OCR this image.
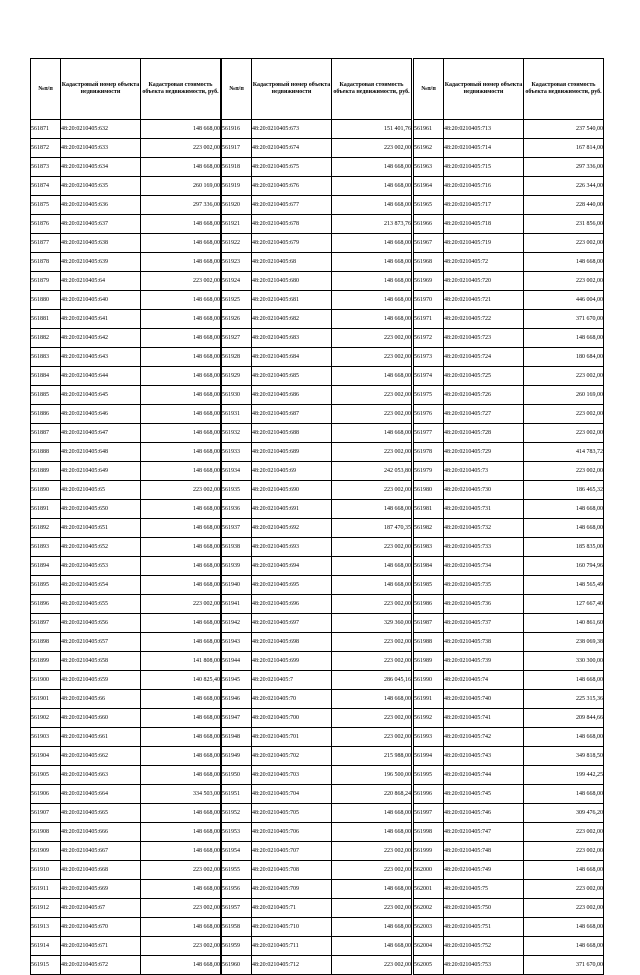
№п/п	Кадастровый номер объекта недвижимости	Кадастровая стоимость объекта недвижимости, руб.
561871	48:20:0210405:632	148 668,00
561872	48:20:0210405:633	223 002,00
561873	48:20:0210405:634	148 668,00
561874	48:20:0210405:635	260 169,00
561875	48:20:0210405:636	297 336,00
561876	48:20:0210405:637	148 668,00
561877	48:20:0210405:638	148 668,00
561878	48:20:0210405:639	148 668,00
561879	48:20:0210405:64	223 002,00
561880	48:20:0210405:640	148 668,00
561881	48:20:0210405:641	148 668,00
561882	48:20:0210405:642	148 668,00
561883	48:20:0210405:643	148 668,00
561884	48:20:0210405:644	148 668,00
561885	48:20:0210405:645	148 668,00
561886	48:20:0210405:646	148 668,00
561887	48:20:0210405:647	148 668,00
561888	48:20:0210405:648	148 668,00
561889	48:20:0210405:649	148 668,00
561890	48:20:0210405:65	223 002,00
561891	48:20:0210405:650	148 668,00
561892	48:20:0210405:651	148 668,00
561893	48:20:0210405:652	148 668,00
561894	48:20:0210405:653	148 668,00
561895	48:20:0210405:654	148 668,00
561896	48:20:0210405:655	223 002,00
561897	48:20:0210405:656	148 668,00
561898	48:20:0210405:657	148 668,00
561899	48:20:0210405:658	141 808,00
561900	48:20:0210405:659	140 825,40
561901	48:20:0210405:66	148 668,00
561902	48:20:0210405:660	148 668,00
561903	48:20:0210405:661	148 668,00
561904	48:20:0210405:662	148 668,00
561905	48:20:0210405:663	148 668,00
561906	48:20:0210405:664	334 503,00
561907	48:20:0210405:665	148 668,00
561908	48:20:0210405:666	148 668,00
561909	48:20:0210405:667	148 668,00
561910	48:20:0210405:668	223 002,00
561911	48:20:0210405:669	148 668,00
561912	48:20:0210405:67	223 002,00
561913	48:20:0210405:670	148 668,00
561914	48:20:0210405:671	223 002,00
561915	48:20:0210405:672	148 668,00
№п/п	Кадастровый номер объекта недвижимости	Кадастровая стоимость объекта недвижимости, руб.
561916	48:20:0210405:673	151 401,76
561917	48:20:0210405:674	223 002,00
561918	48:20:0210405:675	148 668,00
561919	48:20:0210405:676	148 668,00
561920	48:20:0210405:677	148 668,00
561921	48:20:0210405:678	213 873,76
561922	48:20:0210405:679	148 668,00
561923	48:20:0210405:68	148 668,00
561924	48:20:0210405:680	148 668,00
561925	48:20:0210405:681	148 668,00
561926	48:20:0210405:682	148 668,00
561927	48:20:0210405:683	223 002,00
561928	48:20:0210405:684	223 002,00
561929	48:20:0210405:685	148 668,00
561930	48:20:0210405:686	223 002,00
561931	48:20:0210405:687	223 002,00
561932	48:20:0210405:688	148 668,00
561933	48:20:0210405:689	223 002,00
561934	48:20:0210405:69	242 053,80
561935	48:20:0210405:690	223 002,00
561936	48:20:0210405:691	148 668,00
561937	48:20:0210405:692	187 470,35
561938	48:20:0210405:693	223 002,00
561939	48:20:0210405:694	148 668,00
561940	48:20:0210405:695	148 668,00
561941	48:20:0210405:696	223 002,00
561942	48:20:0210405:697	329 360,00
561943	48:20:0210405:698	223 002,00
561944	48:20:0210405:699	223 002,00
561945	48:20:0210405:7	286 045,16
561946	48:20:0210405:70	148 668,00
561947	48:20:0210405:700	223 002,00
561948	48:20:0210405:701	223 002,00
561949	48:20:0210405:702	215 988,00
561950	48:20:0210405:703	196 500,00
561951	48:20:0210405:704	220 868,24
561952	48:20:0210405:705	148 668,00
561953	48:20:0210405:706	148 668,00
561954	48:20:0210405:707	223 002,00
561955	48:20:0210405:708	223 002,00
561956	48:20:0210405:709	148 668,00
561957	48:20:0210405:71	223 002,00
561958	48:20:0210405:710	148 668,00
561959	48:20:0210405:711	148 668,00
561960	48:20:0210405:712	223 002,00
№п/п	Кадастровый номер объекта недвижимости	Кадастровая стоимость объекта недвижимости, руб.
561961	48:20:0210405:713	237 540,00
561962	48:20:0210405:714	167 814,00
561963	48:20:0210405:715	297 336,00
561964	48:20:0210405:716	226 344,00
561965	48:20:0210405:717	228 440,00
561966	48:20:0210405:718	231 856,00
561967	48:20:0210405:719	223 002,00
561968	48:20:0210405:72	148 668,00
561969	48:20:0210405:720	223 002,00
561970	48:20:0210405:721	446 004,00
561971	48:20:0210405:722	371 670,00
561972	48:20:0210405:723	148 668,00
561973	48:20:0210405:724	180 684,00
561974	48:20:0210405:725	223 002,00
561975	48:20:0210405:726	260 169,00
561976	48:20:0210405:727	223 002,00
561977	48:20:0210405:728	223 002,00
561978	48:20:0210405:729	414 783,72
561979	48:20:0210405:73	223 002,00
561980	48:20:0210405:730	186 465,32
561981	48:20:0210405:731	148 668,00
561982	48:20:0210405:732	148 668,00
561983	48:20:0210405:733	185 835,00
561984	48:20:0210405:734	160 794,96
561985	48:20:0210405:735	148 565,49
561986	48:20:0210405:736	127 667,40
561987	48:20:0210405:737	140 861,60
561988	48:20:0210405:738	238 069,38
561989	48:20:0210405:739	330 300,00
561990	48:20:0210405:74	148 668,00
561991	48:20:0210405:740	225 315,36
561992	48:20:0210405:741	209 844,66
561993	48:20:0210405:742	148 668,00
561994	48:20:0210405:743	349 818,50
561995	48:20:0210405:744	199 442,25
561996	48:20:0210405:745	148 668,00
561997	48:20:0210405:746	309 476,20
561998	48:20:0210405:747	223 002,00
561999	48:20:0210405:748	223 002,00
562000	48:20:0210405:749	148 668,00
562001	48:20:0210405:75	223 002,00
562002	48:20:0210405:750	223 002,00
562003	48:20:0210405:751	148 668,00
562004	48:20:0210405:752	148 668,00
562005	48:20:0210405:753	371 670,00
